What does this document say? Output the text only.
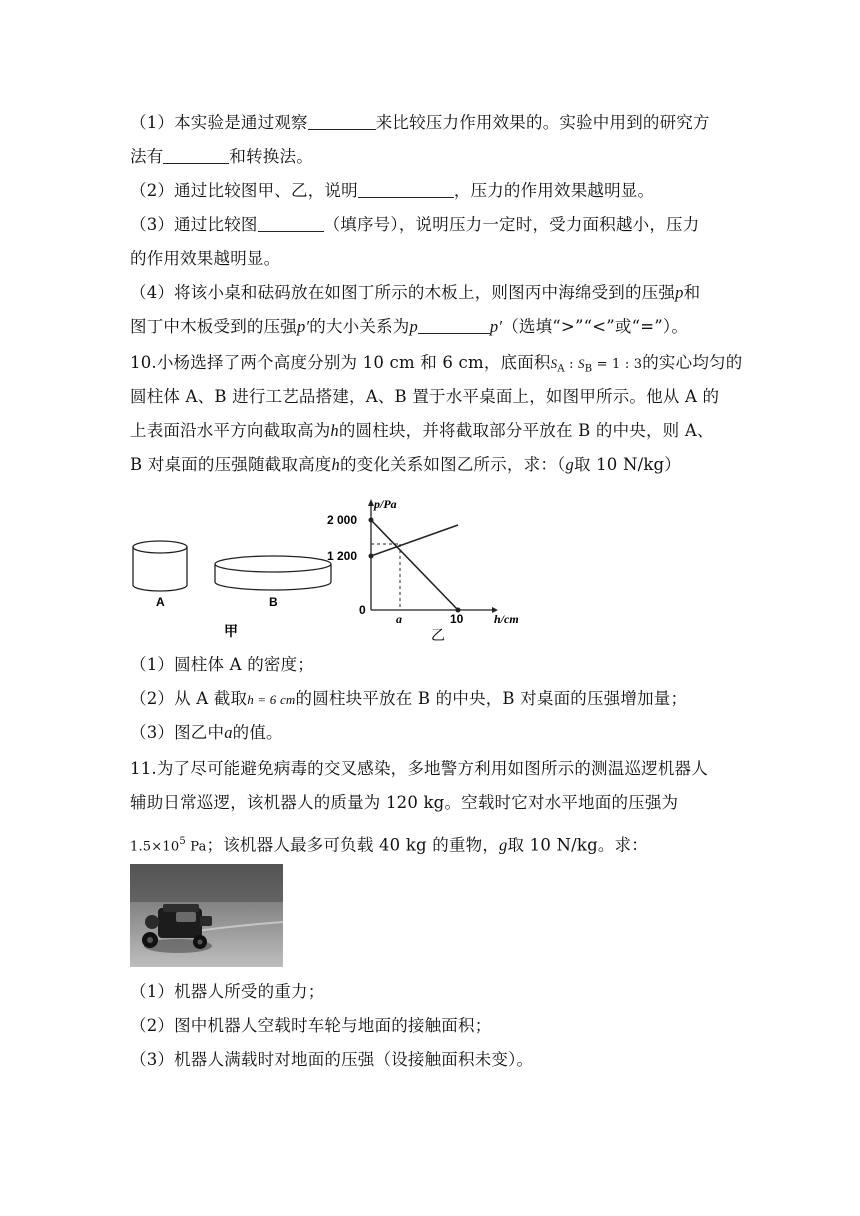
（1）本实验是通过观察	来比较压力作用效果的。实验中用到的研究方
法有	和转换法。
（2）通过比较图甲、乙，说明	，压力的作用效果越明显。
（3）通过比较图	（填序号），说明压力一定时，受力面积越小，压力
的作用效果越明显。
（4）将该小桌和砝码放在如图丁所示的木板上，则图丙中海绵受到的压强p和
图丁中木板受到的压强p′的大小关系为p	p′（选填“>”“<”或“=”）。
10.小杨选择了两个高度分别为 10 cm 和 6 cm，底面积$S_A$ : $S_B = 1$ : 3的实心均匀的
圆柱体 A、B 进行工艺品搭建，A、B 置于水平桌面上，如图甲所示。他从 A 的
上表面沿水平方向截取高为h的圆柱块，并将截取部分平放在 B 的中央，则 A、
B 对桌面的压强随截取高度h的变化关系如图乙所示，求：（g取 10 N/kg）
A	B
甲
2 000
1 200
0
a	10
p/Pa
h/cm
乙
（1）圆柱体 A 的密度；
（2）从 A 截取h = 6 cm的圆柱块平放在 B 的中央，B 对桌面的压强增加量；
（3）图乙中a的值。
11.为了尽可能避免病毒的交叉感染，多地警方利用如图所示的测温巡逻机器人
辅助日常巡逻，该机器人的质量为 120 kg。空载时它对水平地面的压强为
$1.5\times 10^5$ Pa；该机器人最多可负载 40 kg 的重物，g取 10 N/kg。求：
（1）机器人所受的重力；
（2）图中机器人空载时车轮与地面的接触面积；
（3）机器人满载时对地面的压强（设接触面积未变）。
